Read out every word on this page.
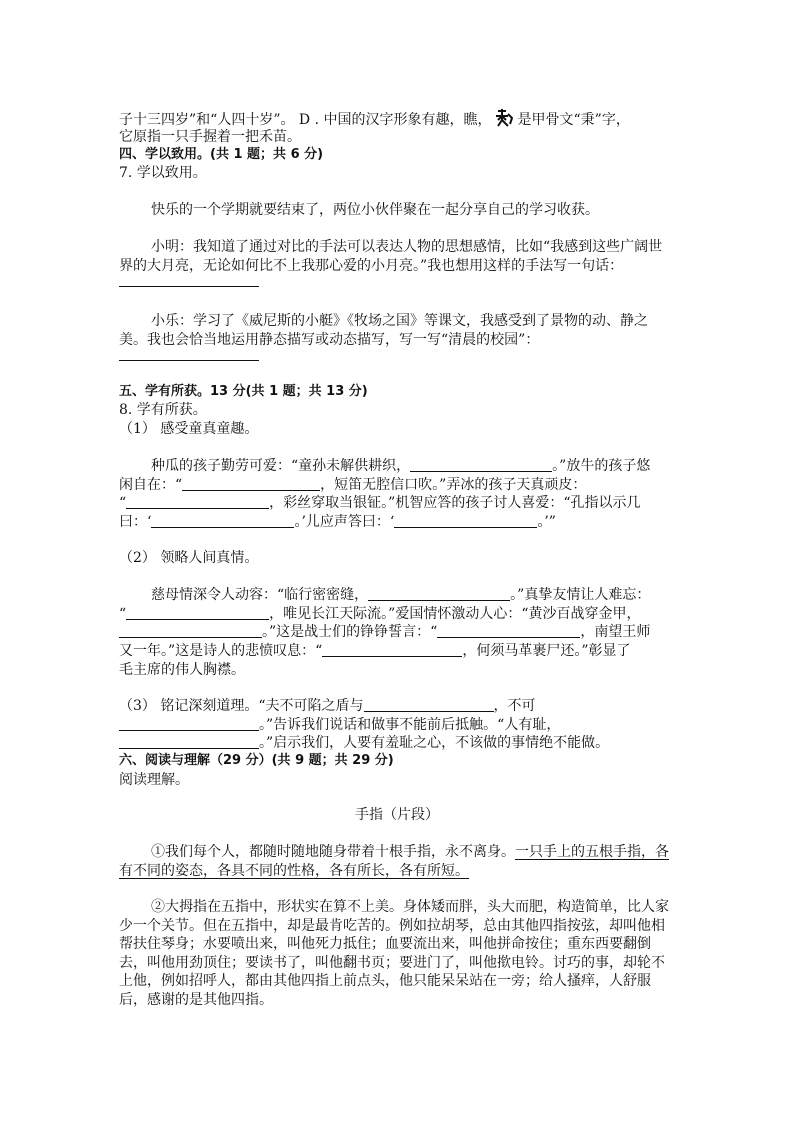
子十三四岁”和“人四十岁”。 D . 中国的汉字形象有趣，瞧， 是甲骨文“秉”字，
它原指一只手握着一把禾苗。
四、学以致用。(共 1 题；共 6 分)
7. 学以致用。
快乐的一个学期就要结束了，两位小伙伴聚在一起分享自己的学习收获。
小明：我知道了通过对比的手法可以表达人物的思想感情，比如“我感到这些广阔世
界的大月亮，无论如何比不上我那心爱的小月亮。”我也想用这样的手法写一句话：
小乐：学习了《威尼斯的小艇》《牧场之国》等课文，我感受到了景物的动、静之
美。我也会恰当地运用静态描写或动态描写，写一写“清晨的校园”：
五、学有所获。13 分(共 1 题；共 13 分)
8. 学有所获。
（1） 感受童真童趣。
种瓜的孩子勤劳可爱：“童孙未解供耕织，	。”放牛的孩子悠
闲自在：“	，短笛无腔信口吹。”弄冰的孩子天真顽皮：
“	，彩丝穿取当银钲。”机智应答的孩子讨人喜爱：“孔指以示几
曰：‘	。’儿应声答曰：‘	。’”
（2） 领略人间真情。
慈母情深令人动容：“临行密密缝，	。”真挚友情让人难忘：
“	，唯见长江天际流。”爱国情怀激动人心：“黄沙百战穿金甲，
。”这是战士们的铮铮誓言：“	，南望王师
又一年。”这是诗人的悲愤叹息：“	，何须马革裹尸还。”彰显了
毛主席的伟人胸襟。
（3） 铭记深刻道理。“夫不可陷之盾与	，不可
。”告诉我们说话和做事不能前后抵触。“人有耻，
。”启示我们，人要有羞耻之心，不该做的事情绝不能做。
六、阅读与理解（29 分）(共 9 题；共 29 分)
阅读理解。
手指（片段）
①我们每个人，都随时随地随身带着十根手指，永不离身。一只手上的五根手指，各
有不同的姿态，各具不同的性格，各有所长，各有所短。
②大拇指在五指中，形状实在算不上美。身体矮而胖，头大而肥，构造简单，比人家
少一个关节。但在五指中，却是最肯吃苦的。例如拉胡琴，总由其他四指按弦，却叫他相
帮扶住琴身；水要喷出来，叫他死力抵住；血要流出来，叫他拼命按住；重东西要翻倒
去，叫他用劲顶住；要读书了，叫他翻书页；要进门了，叫他揿电铃。讨巧的事，却轮不
上他，例如招呼人，都由其他四指上前点头，他只能呆呆站在一旁；给人搔痒，人舒服
后，感谢的是其他四指。
